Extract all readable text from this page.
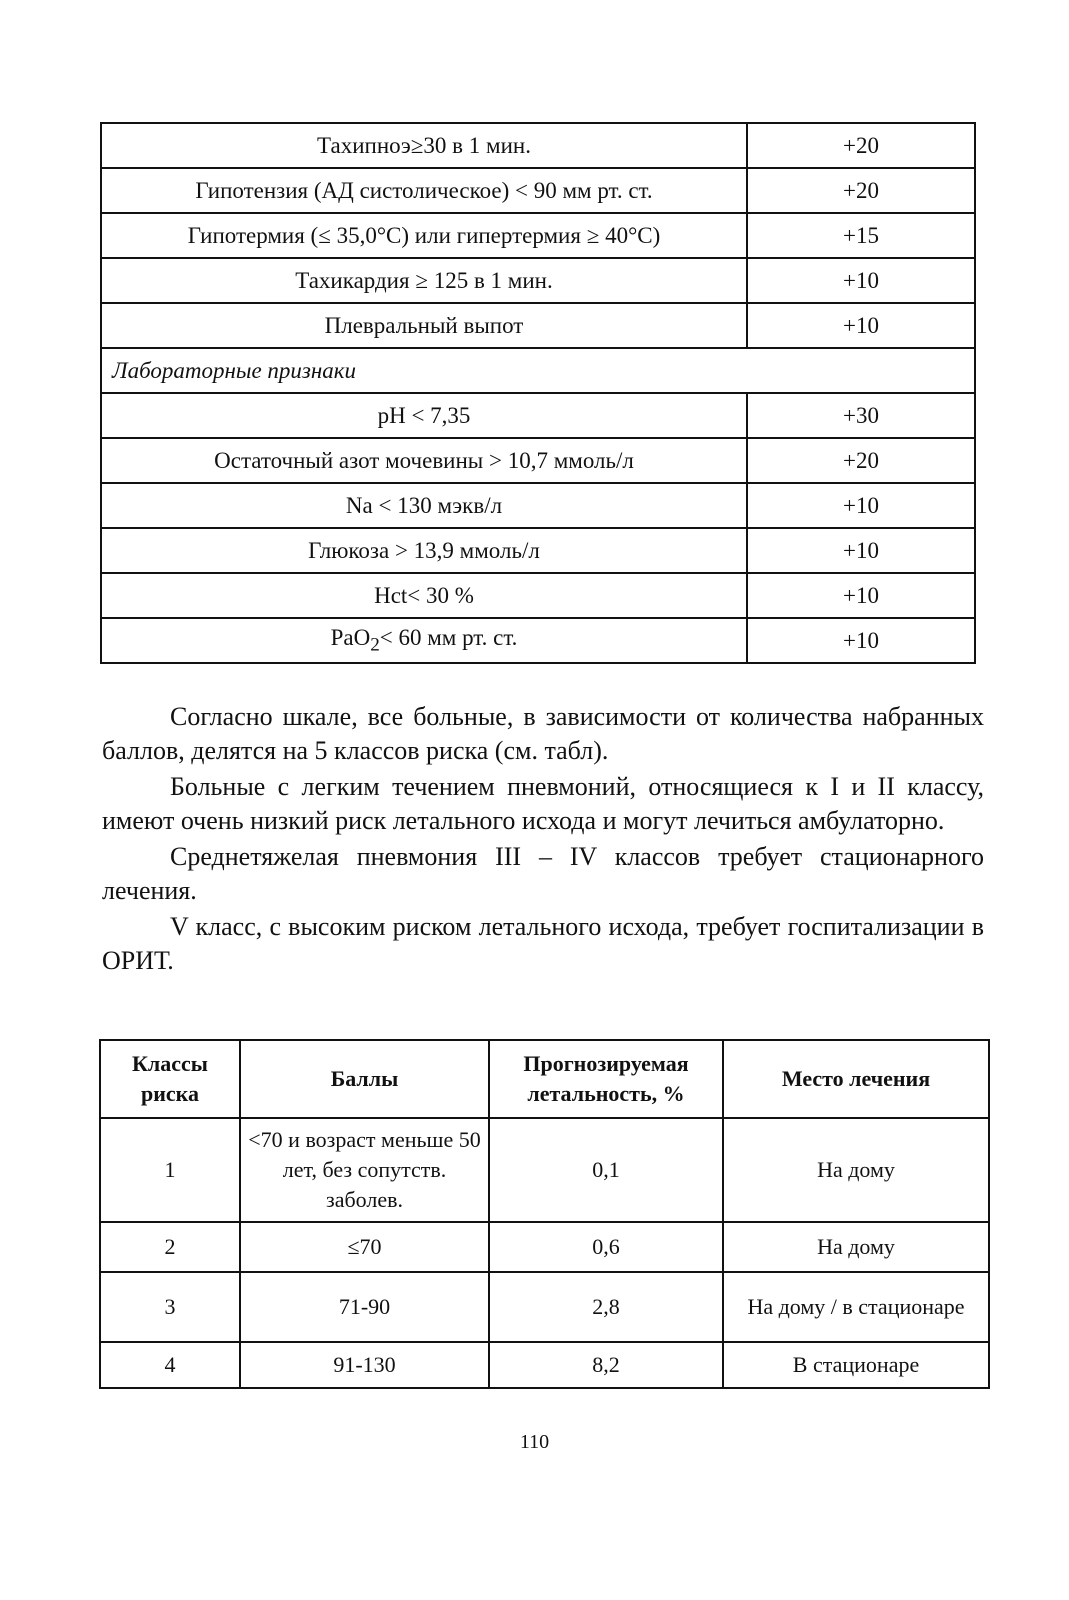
Тахипноэ≥30 в 1 мин.	+20
Гипотензия (АД систолическое) < 90 мм рт. ст.	+20
Гипотермия (≤ 35,0°С) или гипертермия ≥ 40°С)	+15
Тахикардия ≥ 125 в 1 мин.	+10
Плевральный выпот	+10
Лабораторные признаки	
pH < 7,35	+30
Остаточный азот мочевины > 10,7 ммоль/л	+20
Na < 130 мэкв/л	+10
Глюкоза > 13,9 ммоль/л	+10
Hct< 30 %	+10
PaO$_2$< 60 мм рт. ст.	+10

Согласно шкале, все больные, в зависимости от количества набранных баллов, делятся на 5 классов риска (см. табл).

Больные с легким течением пневмоний, относящиеся к I и II классу, имеют очень низкий риск летального исхода и могут лечиться амбулаторно.

Среднетяжелая пневмония III – IV классов требует стационарного лечения.

V класс, с высоким риском летального исхода, требует госпитализации в ОРИТ.

Классы риска	Баллы	Прогнозируемая летальность, %	Место лечения
1	<70 и возраст меньше 50 лет, без сопутств. заболев.	0,1	На дому
2	≤70	0,6	На дому
3	71-90	2,8	На дому / в стационаре
4	91-130	8,2	В стационаре
110
